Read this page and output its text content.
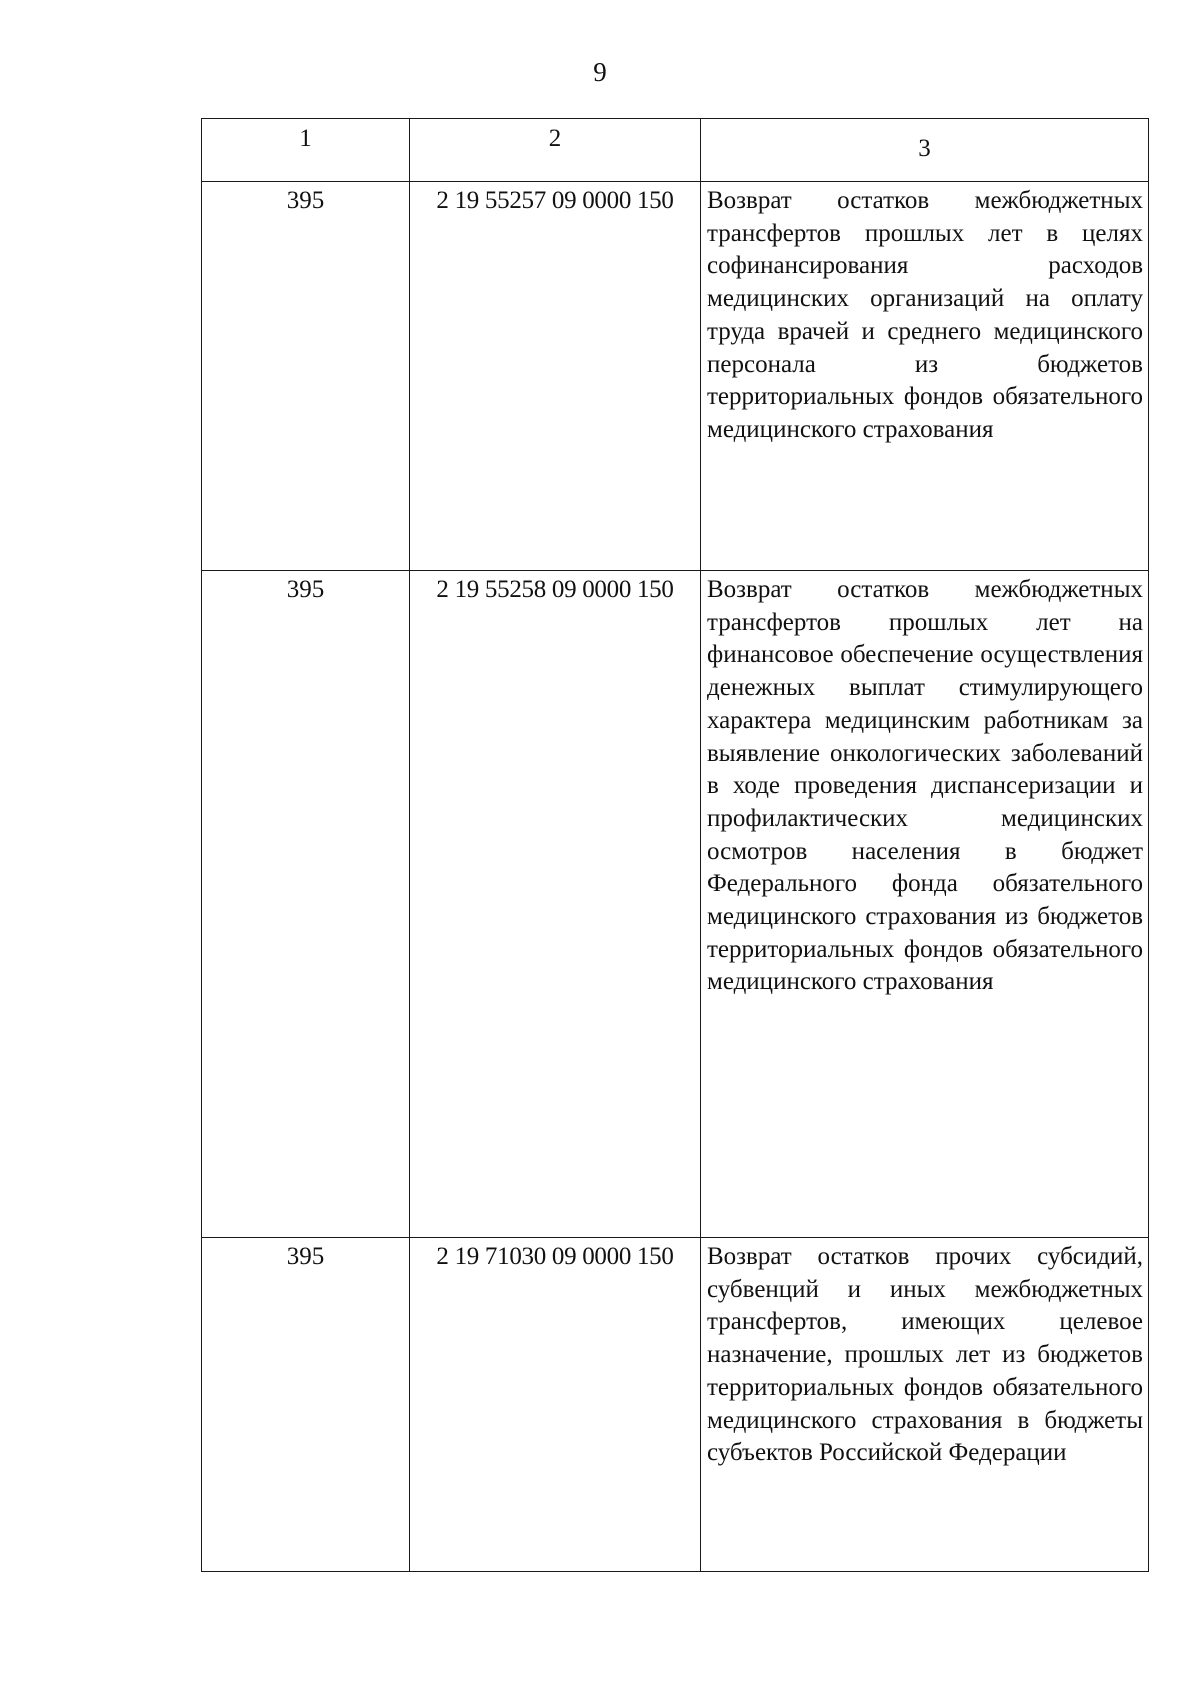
9
1	2	3
395	2 19 55257 09 0000 150	Возврат остатков межбюджетных трансфертов прошлых лет в целях софинансирования расходов медицинских организаций на оплату труда врачей и среднего медицинского персонала из бюджетов территориальных фондов обязательного медицинского страхования
395	2 19 55258 09 0000 150	Возврат остатков межбюджетных трансфертов прошлых лет на финансовое обеспечение осуществления денежных выплат стимулирующего характера медицинским работникам за выявление онкологических заболеваний в ходе проведения диспансеризации и профилактических медицинских осмотров населения в бюджет Федерального фонда обязательного медицинского страхования из бюджетов территориальных фондов обязательного медицинского страхования
395	2 19 71030 09 0000 150	Возврат остатков прочих субсидий, субвенций и иных межбюджетных трансфертов, имеющих целевое назначение, прошлых лет из бюджетов территориальных фондов обязательного медицинского страхования в бюджеты субъектов Российской Федерации
